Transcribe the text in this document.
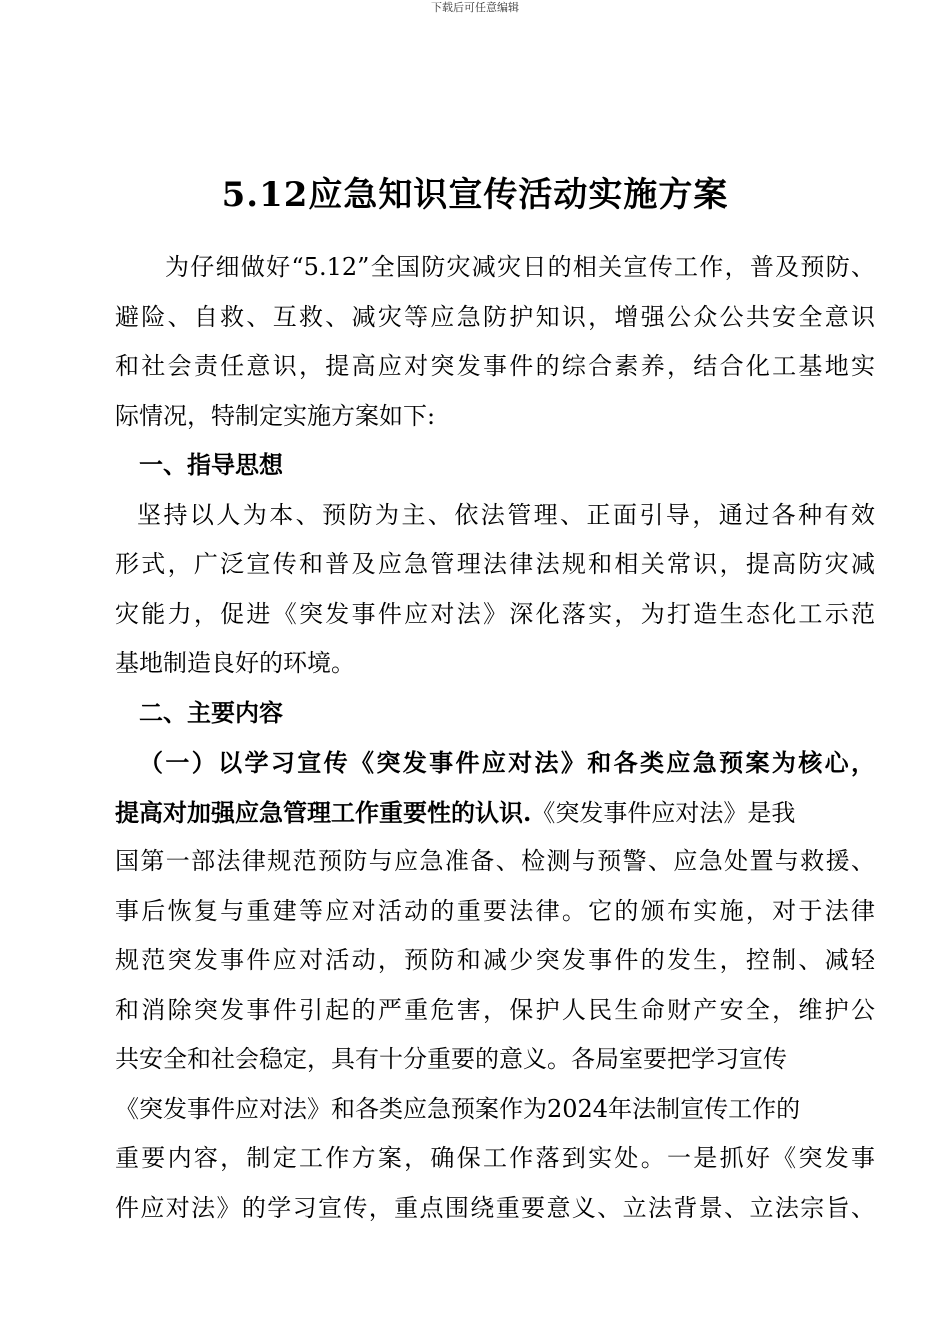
下载后可任意编辑
5.12应急知识宣传活动实施方案
为仔细做好“5.12”全国防灾减灾日的相关宣传工作，普及预防、
避险、自救、互救、减灾等应急防护知识，增强公众公共安全意识
和社会责任意识，提高应对突发事件的综合素养，结合化工基地实
际情况，特制定实施方案如下:
一、指导思想
坚持以人为本、预防为主、依法管理、正面引导，通过各种有效
形式，广泛宣传和普及应急管理法律法规和相关常识，提高防灾减
灾能力，促进《突发事件应对法》深化落实，为打造生态化工示范
基地制造良好的环境。
二、主要内容
（一）以学习宣传《突发事件应对法》和各类应急预案为核心，
提高对加强应急管理工作重要性的认识.《突发事件应对法》是我
国第一部法律规范预防与应急准备、检测与预警、应急处置与救援、
事后恢复与重建等应对活动的重要法律。它的颁布实施，对于法律
规范突发事件应对活动，预防和减少突发事件的发生，控制、减轻
和消除突发事件引起的严重危害，保护人民生命财产安全，维护公
共安全和社会稳定，具有十分重要的意义。各局室要把学习宣传
《突发事件应对法》和各类应急预案作为2024年法制宣传工作的
重要内容，制定工作方案，确保工作落到实处。一是抓好《突发事
件应对法》的学习宣传，重点围绕重要意义、立法背景、立法宗旨、
